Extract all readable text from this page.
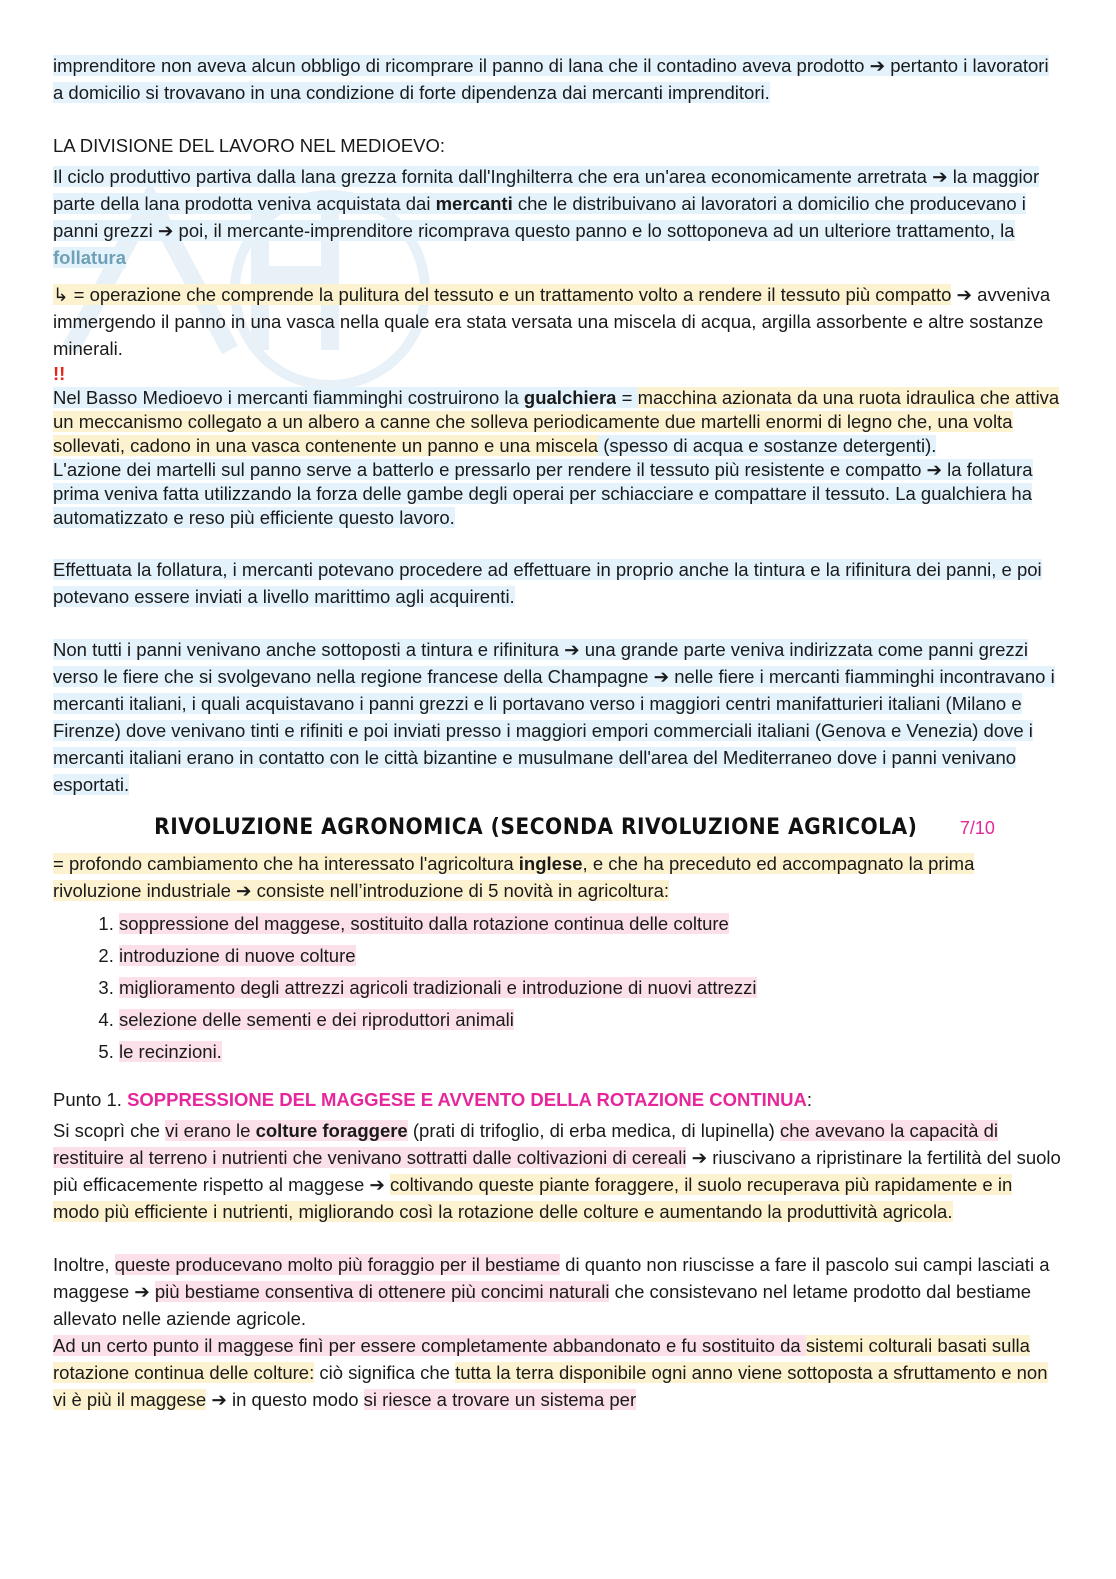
imprenditore non aveva alcun obbligo di ricomprare il panno di lana che il contadino aveva prodotto ➔ pertanto i lavoratori a domicilio si trovavano in una condizione di forte dipendenza dai mercanti imprenditori.

LA DIVISIONE DEL LAVORO NEL MEDIOEVO:

Il ciclo produttivo partiva dalla lana grezza fornita dall'Inghilterra che era un'area economicamente arretrata ➔ la maggior parte della lana prodotta veniva acquistata dai mercanti che le distribuivano ai lavoratori a domicilio che producevano i panni grezzi ➔ poi, il mercante-imprenditore ricomprava questo panno e lo sottoponeva ad un ulteriore trattamento, la follatura

↳ = operazione che comprende la pulitura del tessuto e un trattamento volto a rendere il tessuto più compatto ➔ avveniva immergendo il panno in una vasca nella quale era stata versata una miscela di acqua, argilla assorbente e altre sostanze minerali.

!!

Nel Basso Medioevo i mercanti fiamminghi costruirono la gualchiera = macchina azionata da una ruota idraulica che attiva un meccanismo collegato a un albero a canne che solleva periodicamente due martelli enormi di legno che, una volta sollevati, cadono in una vasca contenente un panno e una miscela (spesso di acqua e sostanze detergenti).

L'azione dei martelli sul panno serve a batterlo e pressarlo per rendere il tessuto più resistente e compatto ➔ la follatura prima veniva fatta utilizzando la forza delle gambe degli operai per schiacciare e compattare il tessuto. La gualchiera ha automatizzato e reso più efficiente questo lavoro.

Effettuata la follatura, i mercanti potevano procedere ad effettuare in proprio anche la tintura e la rifinitura dei panni, e poi potevano essere inviati a livello marittimo agli acquirenti.

Non tutti i panni venivano anche sottoposti a tintura e rifinitura ➔ una grande parte veniva indirizzata come panni grezzi verso le fiere che si svolgevano nella regione francese della Champagne ➔ nelle fiere i mercanti fiamminghi incontravano i mercanti italiani, i quali acquistavano i panni grezzi e li portavano verso i maggiori centri manifatturieri italiani (Milano e Firenze) dove venivano tinti e rifiniti e poi inviati presso i maggiori empori commerciali italiani (Genova e Venezia) dove i mercanti italiani erano in contatto con le città bizantine e musulmane dell'area del Mediterraneo dove i panni venivano esportati.

RIVOLUZIONE AGRONOMICA (SECONDA RIVOLUZIONE AGRICOLA) 7/10

= profondo cambiamento che ha interessato l'agricoltura inglese, e che ha preceduto ed accompagnato la prima rivoluzione industriale ➔ consiste nell’introduzione di 5 novità in agricoltura:

1. soppressione del maggese, sostituito dalla rotazione continua delle colture
2. introduzione di nuove colture
3. miglioramento degli attrezzi agricoli tradizionali e introduzione di nuovi attrezzi
4. selezione delle sementi e dei riproduttori animali
5. le recinzioni.

Punto 1. SOPPRESSIONE DEL MAGGESE E AVVENTO DELLA ROTAZIONE CONTINUA:

Si scoprì che vi erano le colture foraggere (prati di trifoglio, di erba medica, di lupinella) che avevano la capacità di restituire al terreno i nutrienti che venivano sottratti dalle coltivazioni di cereali ➔ riuscivano a ripristinare la fertilità del suolo più efficacemente rispetto al maggese ➔ coltivando queste piante foraggere, il suolo recuperava più rapidamente e in modo più efficiente i nutrienti, migliorando così la rotazione delle colture e aumentando la produttività agricola.

Inoltre, queste producevano molto più foraggio per il bestiame di quanto non riuscisse a fare il pascolo sui campi lasciati a maggese ➔ più bestiame consentiva di ottenere più concimi naturali che consistevano nel letame prodotto dal bestiame allevato nelle aziende agricole.

Ad un certo punto il maggese finì per essere completamente abbandonato e fu sostituito da sistemi colturali basati sulla rotazione continua delle colture: ciò significa che tutta la terra disponibile ogni anno viene sottoposta a sfruttamento e non vi è più il maggese ➔ in questo modo si riesce a trovare un sistema per
